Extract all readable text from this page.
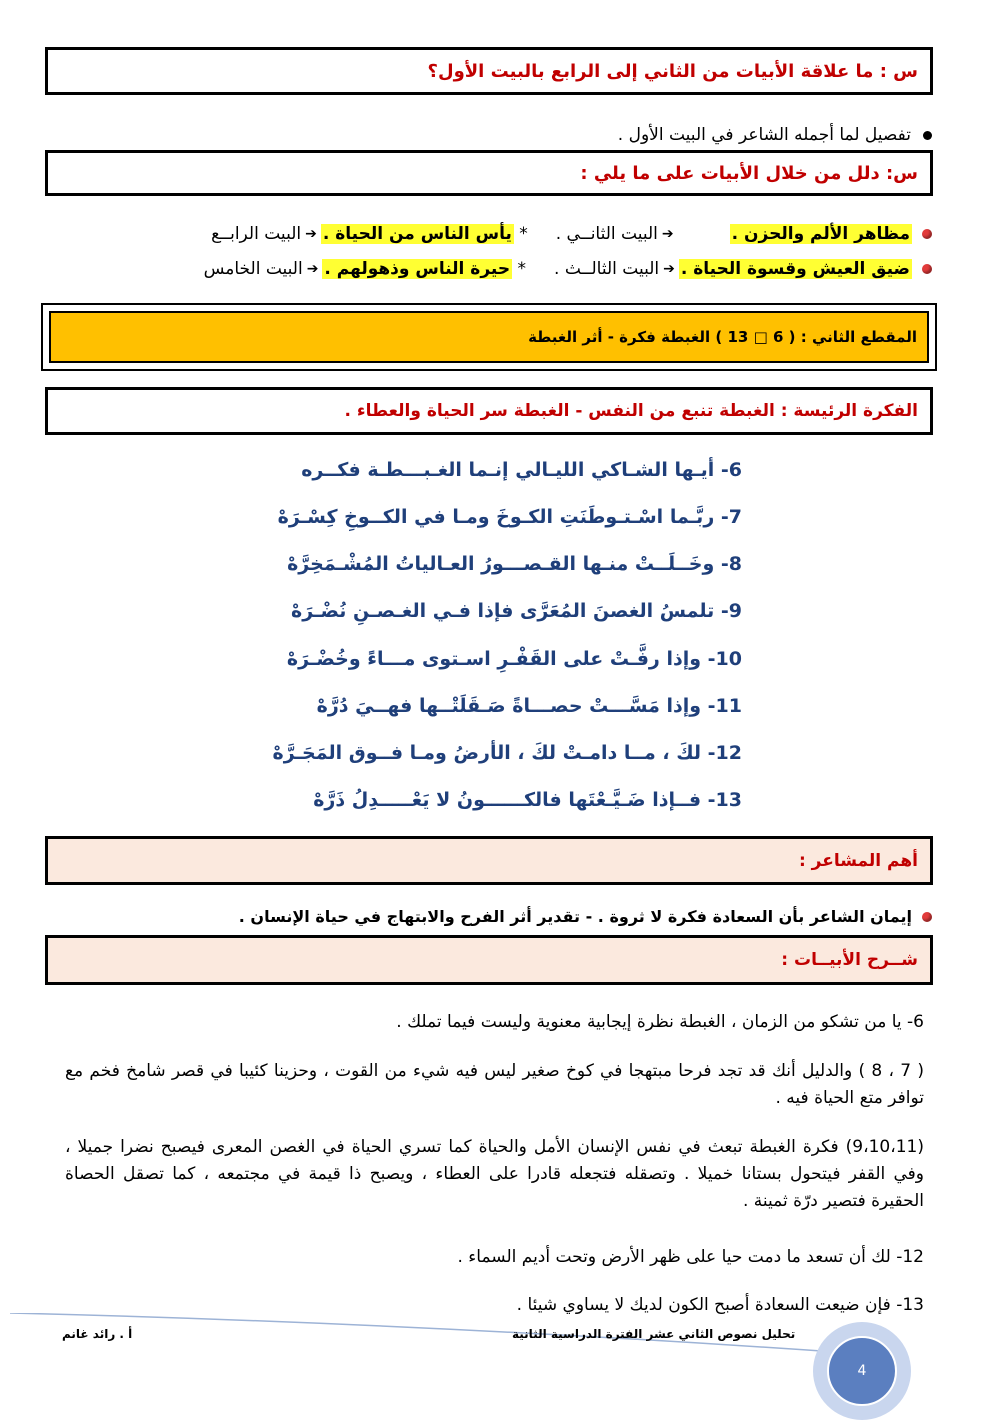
س : ما علاقة الأبيات من الثاني إلى الرابع بالبيت الأول؟
تفصيل لما أجمله الشاعر في البيت الأول .
س: دلل من خلال الأبيات على ما يلي :
مظاهر الألم والحزن .
➔
البيت الثانــي .
*

يأس الناس من الحياة .
➔
البيت الرابــع
ضيق العيش وقسوة الحياة .
➔
البيت الثالــث .
*

حيرة الناس وذهولهم .
➔
البيت الخامس
المقطع الثاني : ( 6 □ 13 ) الغبطة فكرة - أثر الغبطة
الفكرة الرئيسة : الغبطة تنبع من النفس - الغبطة سر الحياة والعطاء .
6- أيـها الشـاكي الليـالي إنـما الغـبـــطـة فكــره
7- ربَّـما اسْـتـوطَنَتِ الكـوخَ ومـا في الكــوخِ كِسْـرَهْ
8- وخَــلَــتْ منـها القـصـــورُ العـالياتُ المُشْـمَخِرَّهْ
9- تلمسُ الغصنَ المُعَرَّى فإذا فـي الغـصـنِ نُضْـرَهْ
10- وإذا رفَّـتْ على القَفْـرِ اسـتوى مـــاءً وخُضْـرَهْ
11- وإذا مَسَّـــتْ حصـــاةً صَـقَلَتْــها فهــيَ دُرَّهْ
12- لكَ ، مــا دامـتْ لكَ ، الأرضُ ومـا فــوق المَجَـرَّهْ
13- فــإذا ضَـيَّـعْتَها فالكــــــونُ لا يَعْـــــدِلُ ذَرَّهْ
أهم المشاعر :
إيمان الشاعر بأن السعادة فكرة لا ثروة . - تقدير أثر الفرح والابتهاج في حياة الإنسان .
شــرح الأبيــات :
6- يا من تشكو من الزمان ، الغبطة نظرة إيجابية معنوية وليست فيما تملك .
( 7 ، 8 ) والدليل أنك قد تجد فرحا مبتهجا في كوخ صغير ليس فيه شيء من القوت ، وحزينا كئيبا في قصر شامخ فخم مع توافر متع الحياة فيه .
(9،10،11) فكرة الغبطة تبعث في نفس الإنسان الأمل والحياة كما تسري الحياة في الغصن المعرى فيصبح نضرا جميلا ، وفي القفر فيتحول بستانا خميلا . وتصقله فتجعله قادرا على العطاء ، ويصبح ذا قيمة في مجتمعه ، كما تصقل الحصاة الحقيرة فتصير درّة ثمينة .
12- لك أن تسعد ما دمت حيا على ظهر الأرض وتحت أديم السماء .
13- فإن ضيعت السعادة أصبح الكون لديك لا يساوي شيئا .
تحليل نصوص الثاني عشر الفترة الدراسية الثانية
أ . رائد غانم
4
